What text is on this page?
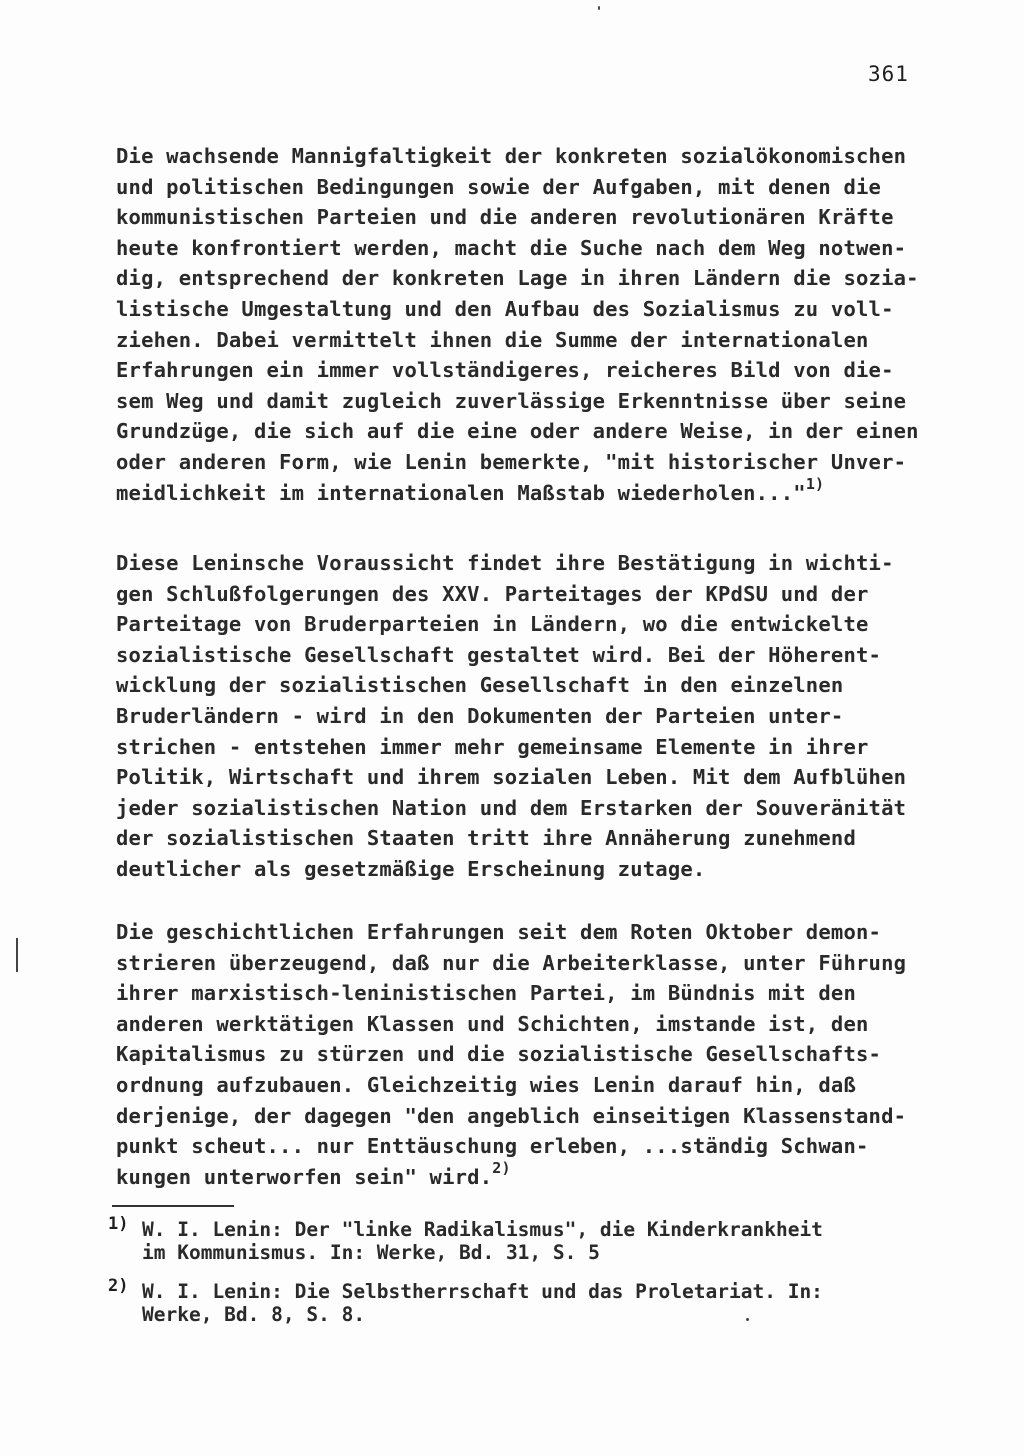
361
Die wachsende Mannigfaltigkeit der konkreten sozialökonomischen
und politischen Bedingungen sowie der Aufgaben, mit denen die
kommunistischen Parteien und die anderen revolutionären Kräfte
heute konfrontiert werden, macht die Suche nach dem Weg notwen-
dig, entsprechend der konkreten Lage in ihren Ländern die sozia-
listische Umgestaltung und den Aufbau des Sozialismus zu voll-
ziehen. Dabei vermittelt ihnen die Summe der internationalen
Erfahrungen ein immer vollständigeres, reicheres Bild von die-
sem Weg und damit zugleich zuverlässige Erkenntnisse über seine
Grundzüge, die sich auf die eine oder andere Weise, in der einen
oder anderen Form, wie Lenin bemerkte, "mit historischer Unver-
meidlichkeit im internationalen Maßstab wiederholen..."$^{1)}$
Diese Leninsche Voraussicht findet ihre Bestätigung in wichti-
gen Schlußfolgerungen des XXV. Parteitages der KPdSU und der
Parteitage von Bruderparteien in Ländern, wo die entwickelte
sozialistische Gesellschaft gestaltet wird. Bei der Höherent-
wicklung der sozialistischen Gesellschaft in den einzelnen
Bruderländern - wird in den Dokumenten der Parteien unter-
strichen - entstehen immer mehr gemeinsame Elemente in ihrer
Politik, Wirtschaft und ihrem sozialen Leben. Mit dem Aufblühen
jeder sozialistischen Nation und dem Erstarken der Souveränität
der sozialistischen Staaten tritt ihre Annäherung zunehmend
deutlicher als gesetzmäßige Erscheinung zutage.
Die geschichtlichen Erfahrungen seit dem Roten Oktober demon-
strieren überzeugend, daß nur die Arbeiterklasse, unter Führung
ihrer marxistisch-leninistischen Partei, im Bündnis mit den
anderen werktätigen Klassen und Schichten, imstande ist, den
Kapitalismus zu stürzen und die sozialistische Gesellschafts-
ordnung aufzubauen. Gleichzeitig wies Lenin darauf hin, daß
derjenige, der dagegen "den angeblich einseitigen Klassenstand-
punkt scheut... nur Enttäuschung erleben, ...ständig Schwan-
kungen unterworfen sein" wird.$^{2)}$
1) W. I. Lenin: Der "linke Radikalismus", die Kinderkrankheit
im Kommunismus. In: Werke, Bd. 31, S. 5
2) W. I. Lenin: Die Selbstherrschaft und das Proletariat. In:
Werke, Bd. 8, S. 8.
